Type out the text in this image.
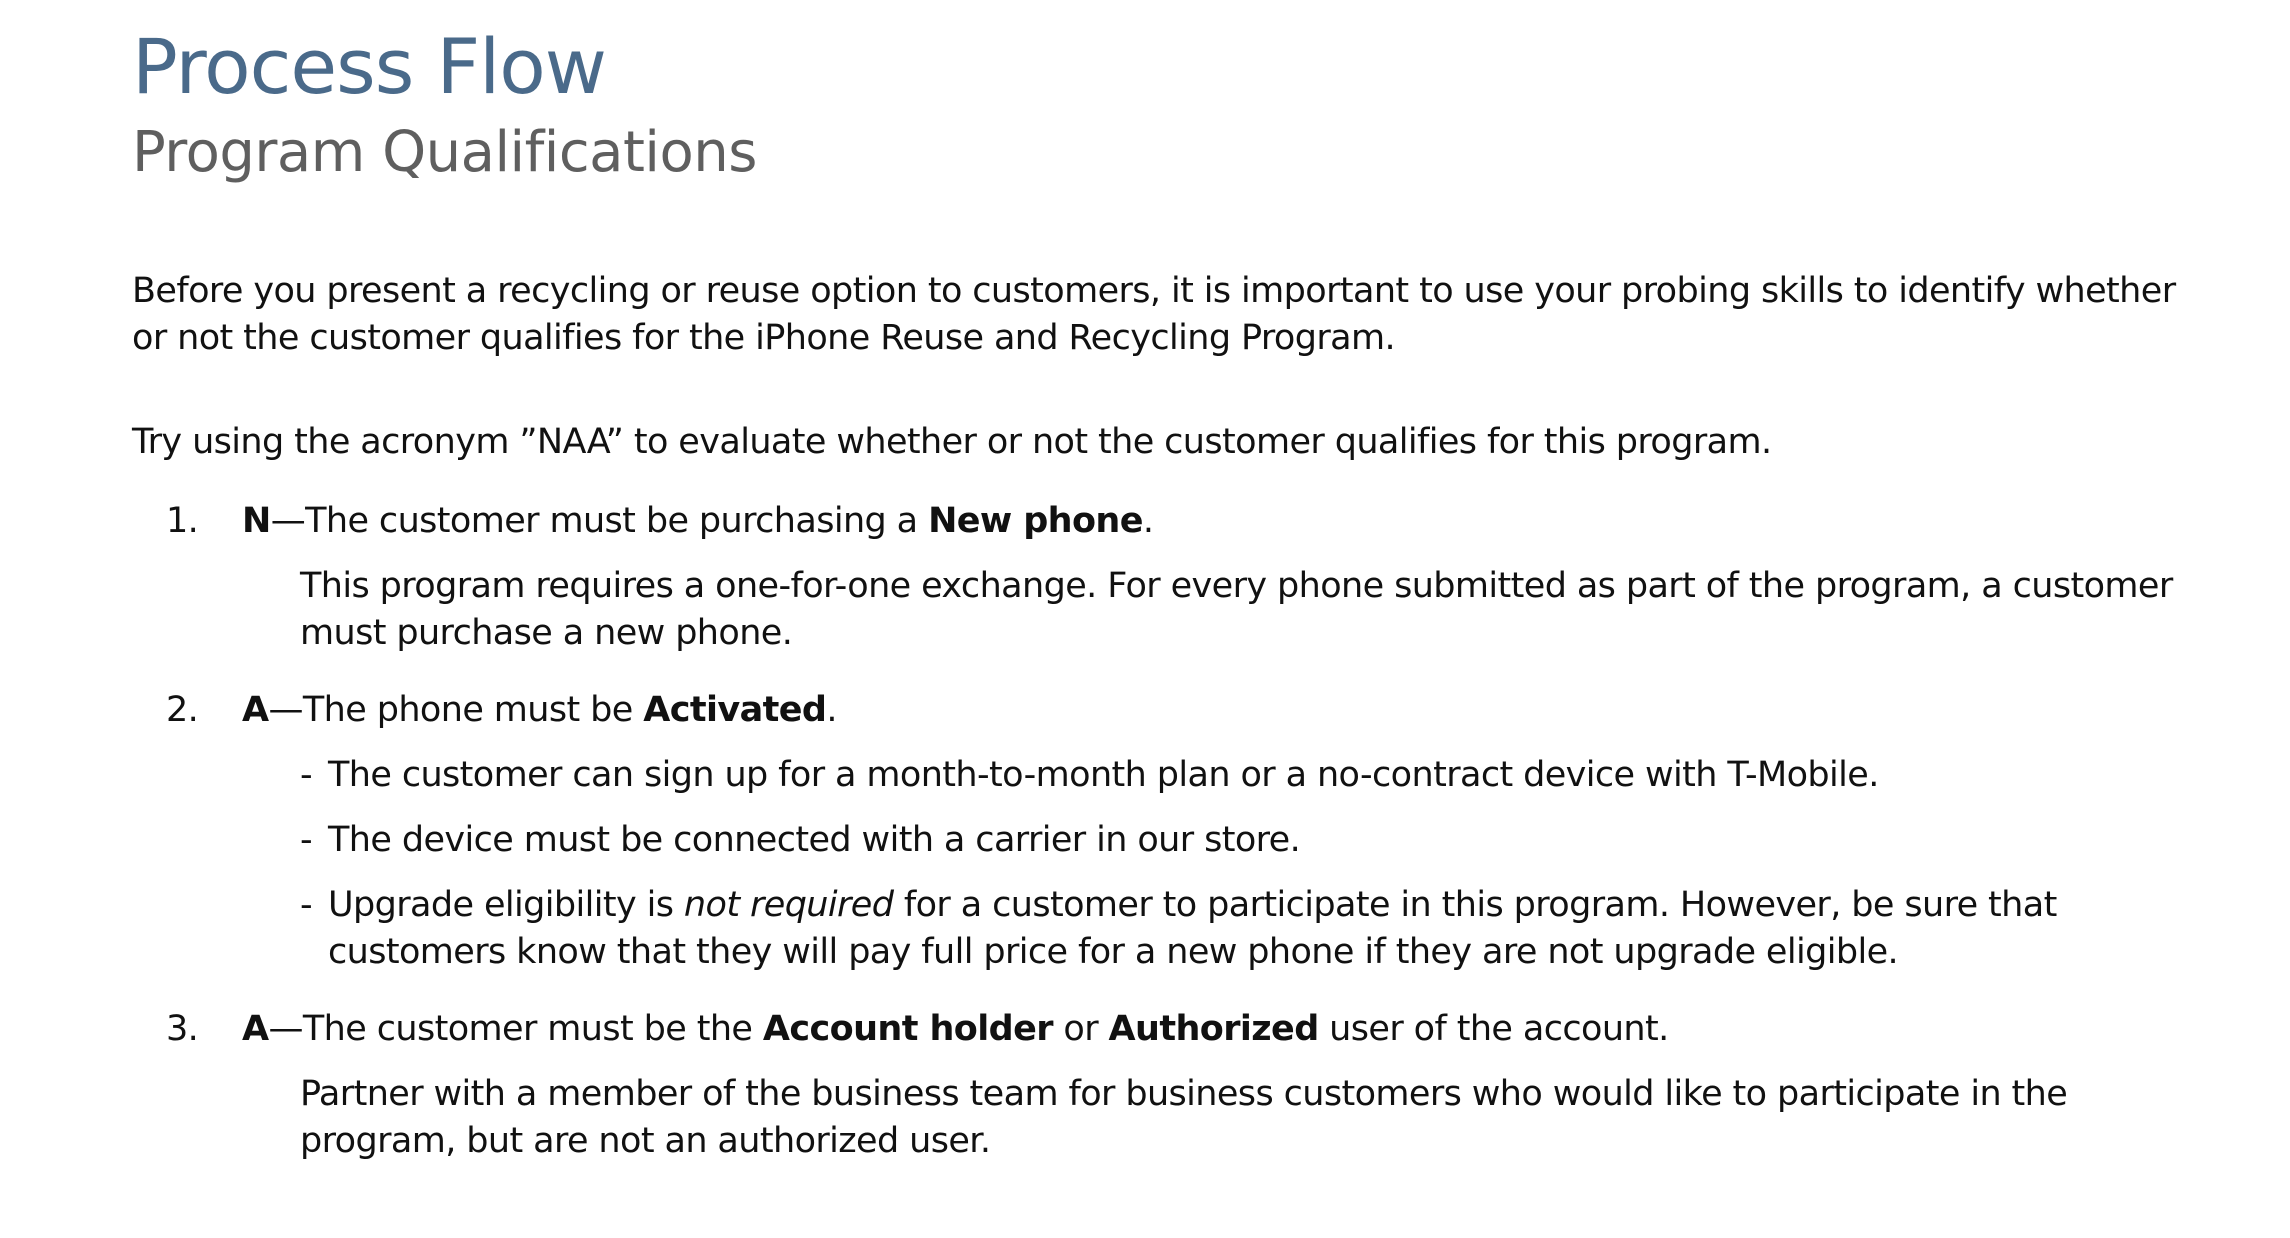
Process Flow
Program Qualifications

Before you present a recycling or reuse option to customers, it is important to use your probing skills to identify whether or not the customer qualifies for the iPhone Reuse and Recycling Program.

Try using the acronym ”NAA” to evaluate whether or not the customer qualifies for this program.

1.	N—The customer must be purchasing a New phone.

This program requires a one-for-one exchange. For every phone submitted as part of the program, a customer must purchase a new phone.

2.	A—The phone must be Activated.
- The customer can sign up for a month-to-month plan or a no-contract device with T-Mobile.
- The device must be connected with a carrier in our store.
- Upgrade eligibility is not required for a customer to participate in this program. However, be sure that customers know that they will pay full price for a new phone if they are not upgrade eligible.
3.	A—The customer must be the Account holder or Authorized user of the account.

Partner with a member of the business team for business customers who would like to participate in the program, but are not an authorized user.
